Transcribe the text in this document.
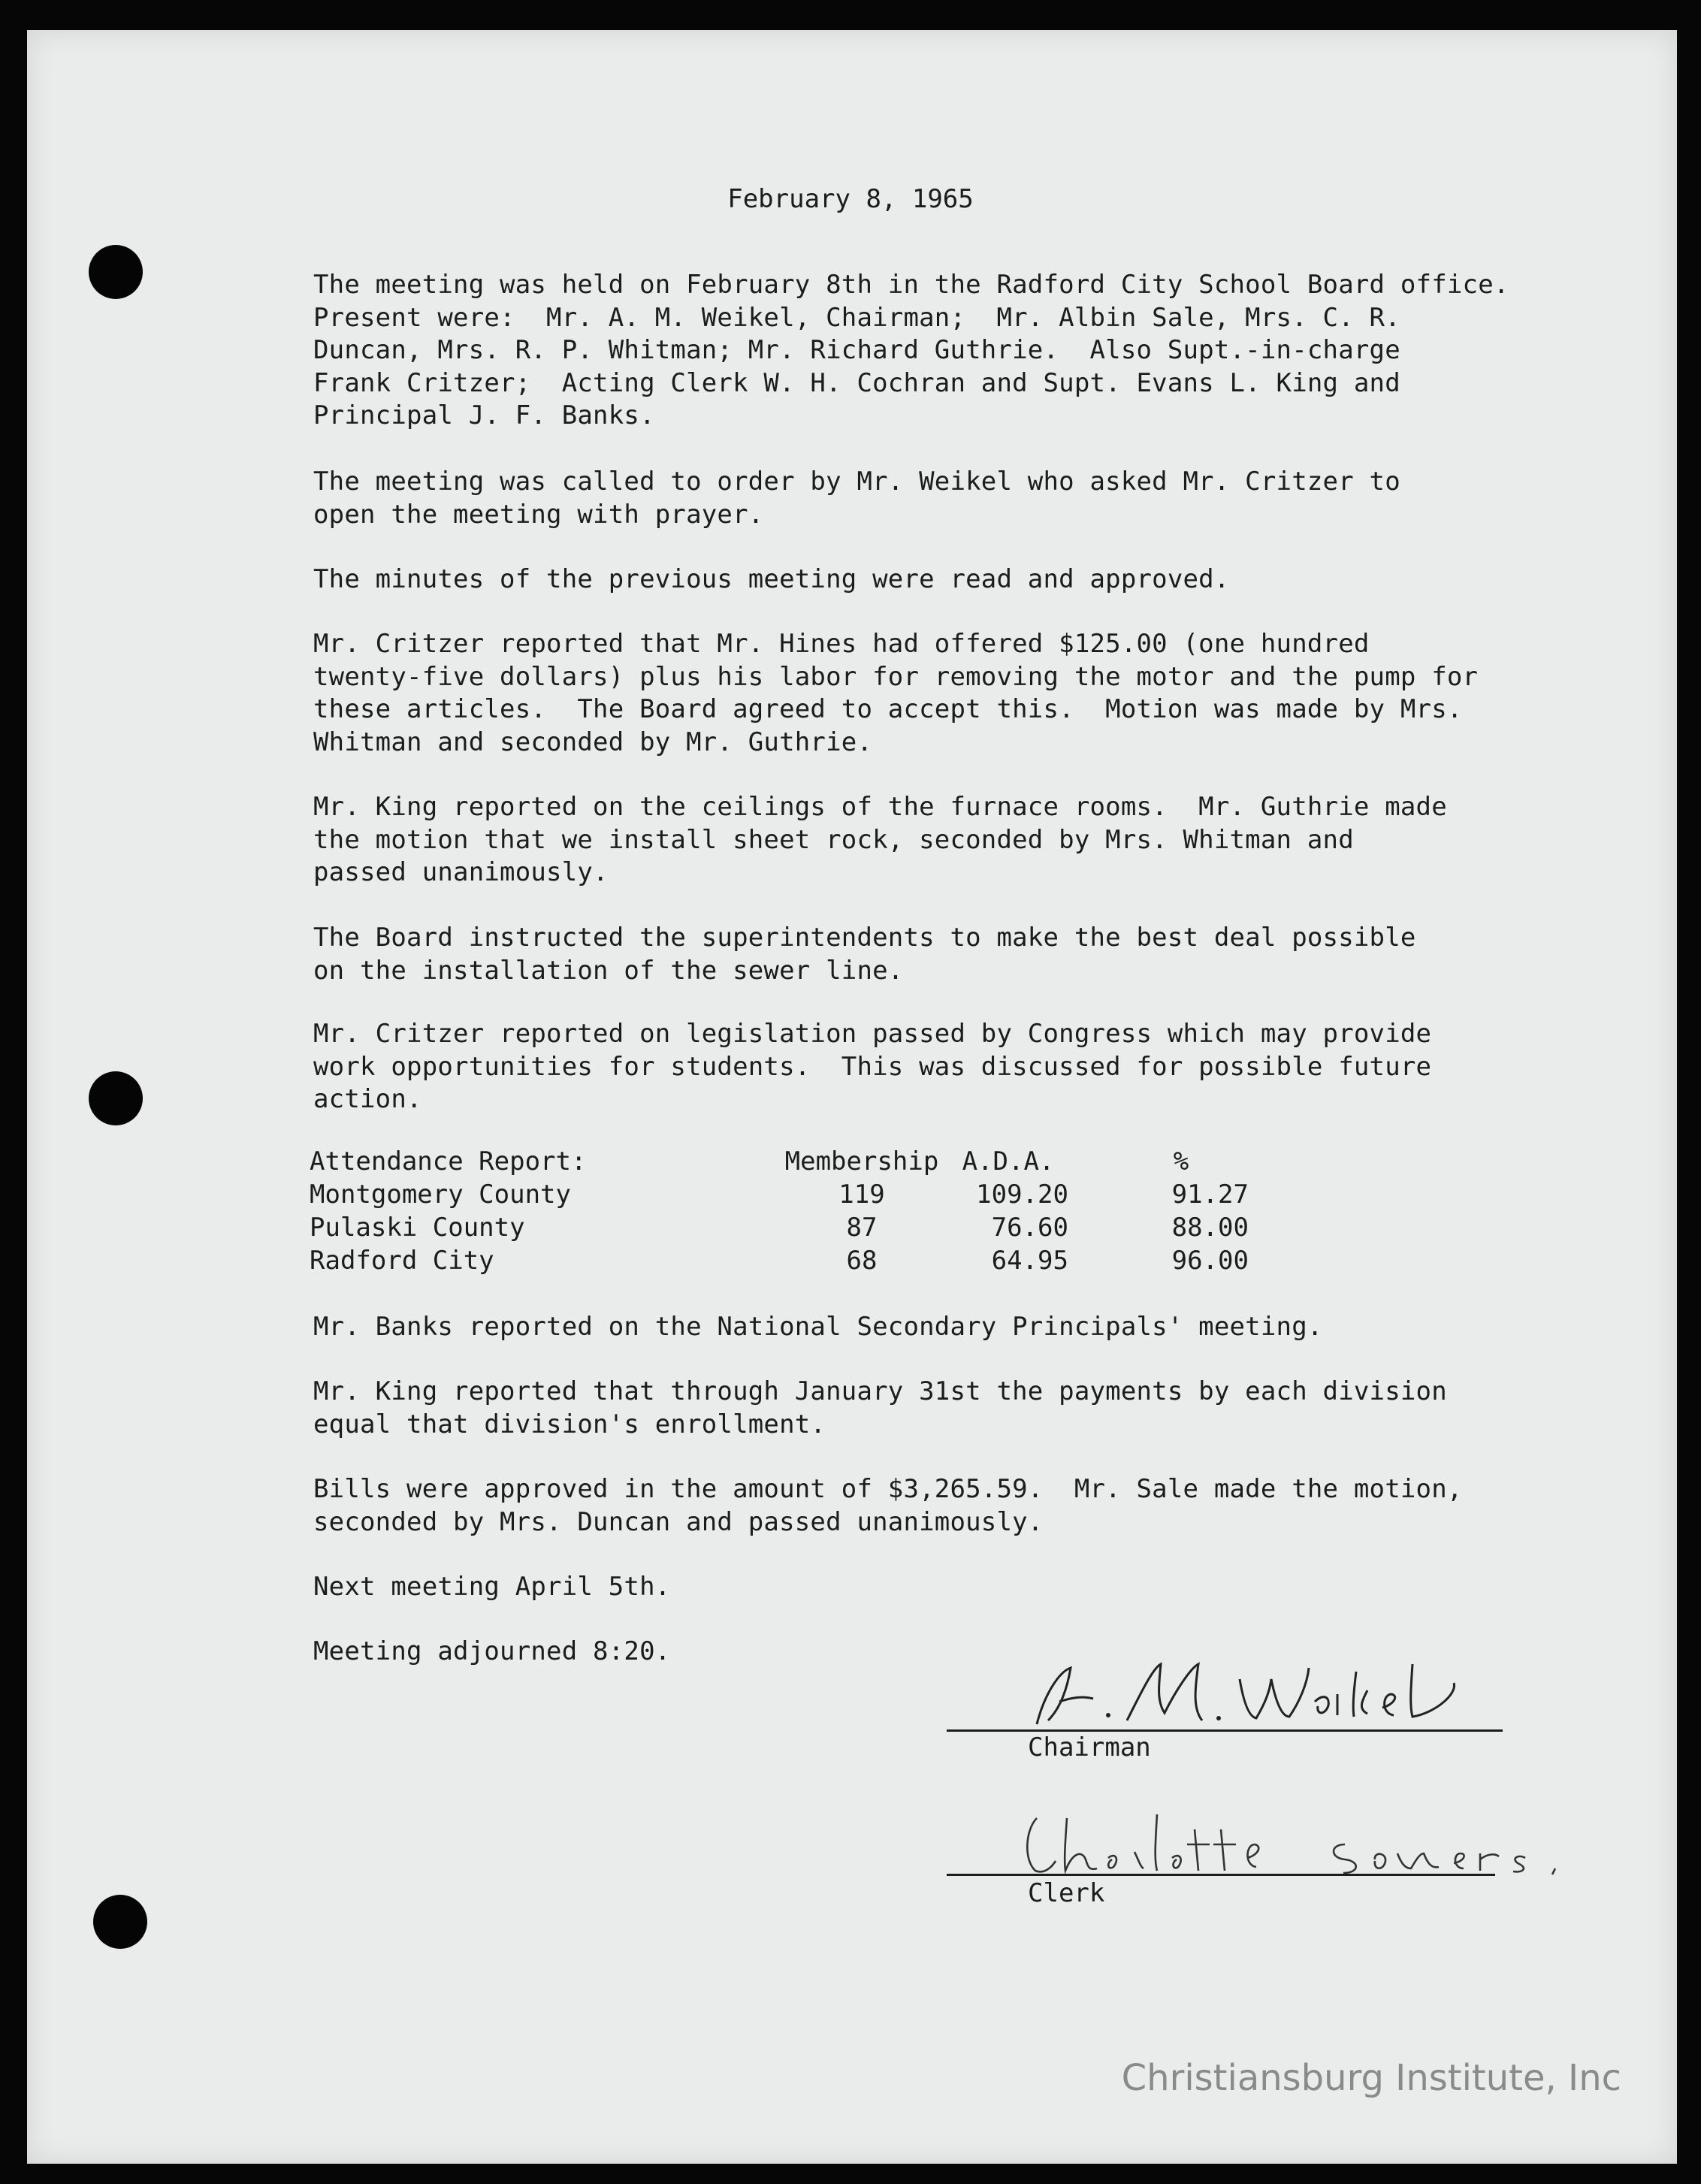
February 8, 1965
The meeting was held on February 8th in the Radford City School Board office.
Present were:  Mr. A. M. Weikel, Chairman;  Mr. Albin Sale, Mrs. C. R.
Duncan, Mrs. R. P. Whitman; Mr. Richard Guthrie.  Also Supt.-in-charge
Frank Critzer;  Acting Clerk W. H. Cochran and Supt. Evans L. King and
Principal J. F. Banks.
The meeting was called to order by Mr. Weikel who asked Mr. Critzer to
open the meeting with prayer.
The minutes of the previous meeting were read and approved.
Mr. Critzer reported that Mr. Hines had offered $125.00 (one hundred
twenty-five dollars) plus his labor for removing the motor and the pump for
these articles.  The Board agreed to accept this.  Motion was made by Mrs.
Whitman and seconded by Mr. Guthrie.
Mr. King reported on the ceilings of the furnace rooms.  Mr. Guthrie made
the motion that we install sheet rock, seconded by Mrs. Whitman and
passed unanimously.
The Board instructed the superintendents to make the best deal possible
on the installation of the sewer line.
Mr. Critzer reported on legislation passed by Congress which may provide
work opportunities for students.  This was discussed for possible future
action.
Attendance Report:	Membership	A.D.A.	%
Montgomery County	119	109.20	91.27
Pulaski County	87	76.60	88.00
Radford City	68	64.95	96.00
Mr. Banks reported on the National Secondary Principals' meeting.
Mr. King reported that through January 31st the payments by each division
equal that division's enrollment.
Bills were approved in the amount of $3,265.59.  Mr. Sale made the motion,
seconded by Mrs. Duncan and passed unanimously.
Next meeting April 5th.
Meeting adjourned 8:20.
Chairman
Clerk
Christiansburg Institute, Inc
